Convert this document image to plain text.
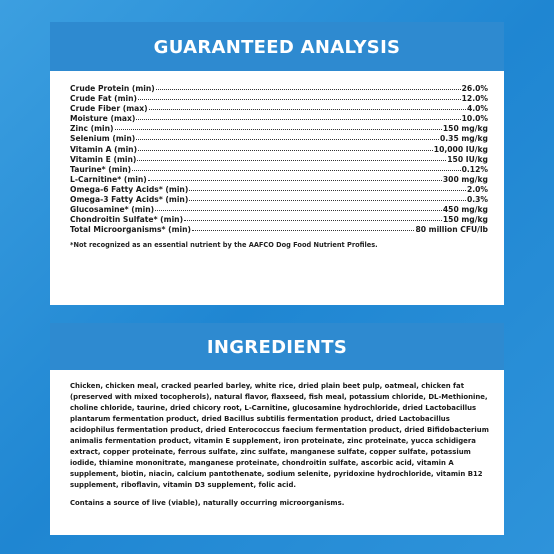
GUARANTEED ANALYSIS
Crude Protein (min)	26.0%
Crude Fat (min)	12.0%
Crude Fiber (max)	4.0%
Moisture (max)	10.0%
Zinc (min)	150 mg/kg
Selenium (min)	0.35 mg/kg
Vitamin A (min)	10,000 IU/kg
Vitamin E (min)	150 IU/kg
Taurine* (min)	0.12%
L-Carnitine* (min)	300 mg/kg
Omega-6 Fatty Acids* (min)	2.0%
Omega-3 Fatty Acids* (min)	0.3%
Glucosamine* (min)	450 mg/kg
Chondroitin Sulfate* (min)	150 mg/kg
Total Microorganisms* (min)	80 million CFU/lb
*Not recognized as an essential nutrient by the AAFCO Dog Food Nutrient Profiles.
INGREDIENTS
Chicken, chicken meal, cracked pearled barley, white rice, dried plain beet pulp, oatmeal, chicken fat (preserved with mixed tocopherols), natural flavor, flaxseed, fish meal, potassium chloride, DL-Methionine, choline chloride, taurine, dried chicory root, L-Carnitine, glucosamine hydrochloride, dried Lactobacillus plantarum fermentation product, dried Bacillus subtilis fermentation product, dried Lactobacillus acidophilus fermentation product, dried Enterococcus faecium fermentation product, dried Bifidobacterium animalis fermentation product, vitamin E supplement, iron proteinate, zinc proteinate, yucca schidigera extract, copper proteinate, ferrous sulfate, zinc sulfate, manganese sulfate, copper sulfate, potassium iodide, thiamine mononitrate, manganese proteinate, chondroitin sulfate, ascorbic acid, vitamin A supplement, biotin, niacin, calcium pantothenate, sodium selenite, pyridoxine hydrochloride, vitamin B12 supplement, riboflavin, vitamin D3 supplement, folic acid.
Contains a source of live (viable), naturally occurring microorganisms.
